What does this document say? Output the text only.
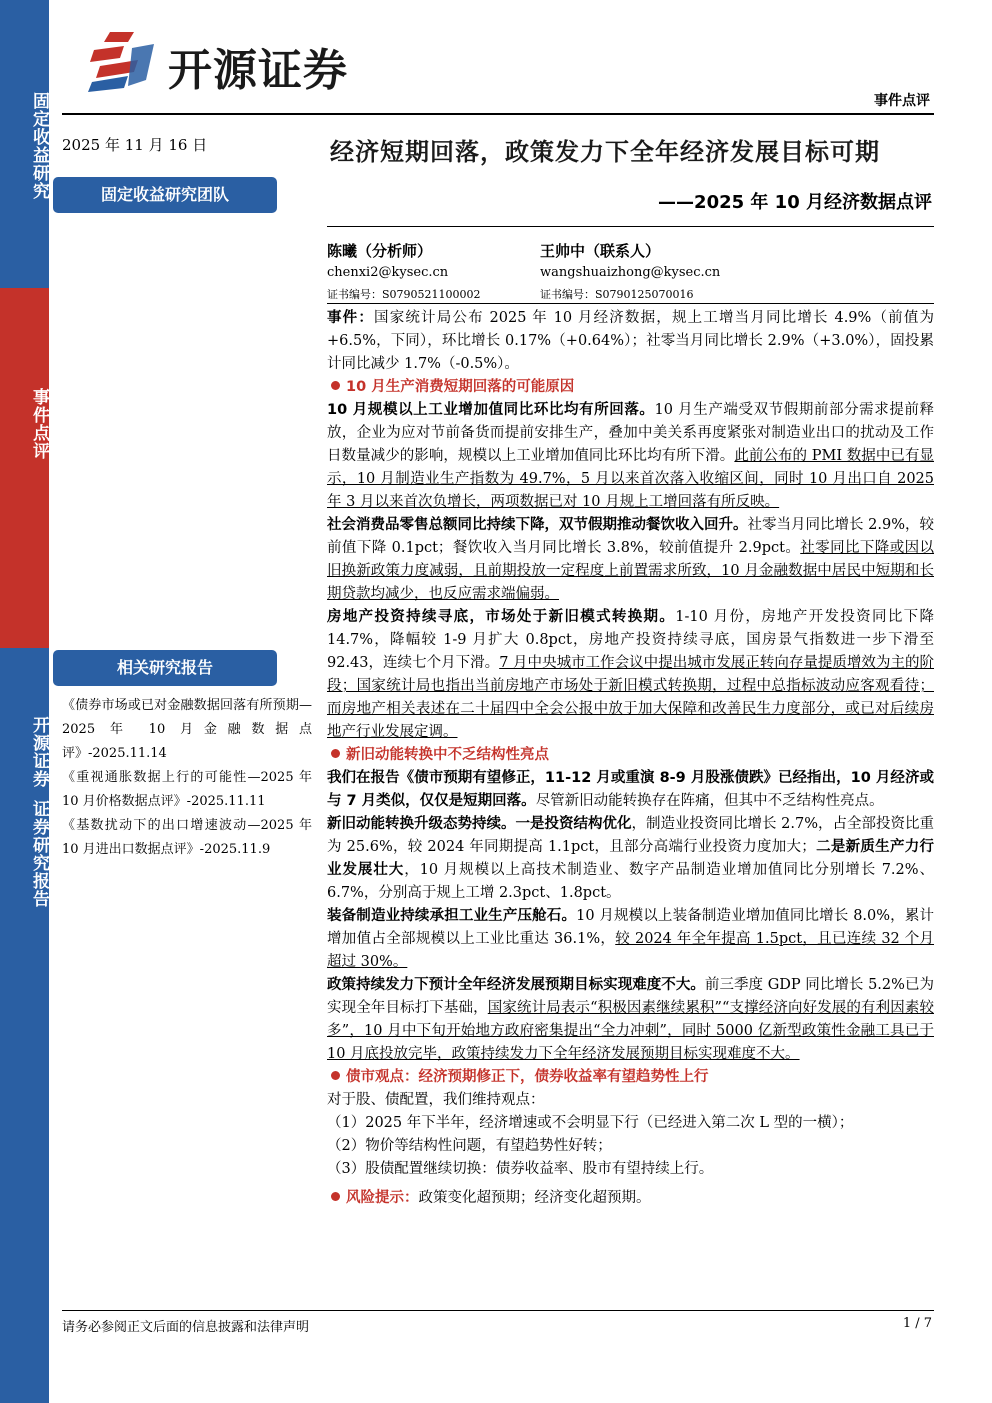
固定收益研究
事件点评
开源证券
证券研究报告
开源证券
事件点评
2025 年 11 月 16 日
固定收益研究团队
经济短期回落，政策发力下全年经济发展目标可期
——2025 年 10 月经济数据点评
陈曦（分析师）
chenxi2@kysec.cn
证书编号：S0790521100002
王帅中（联系人）
wangshuaizhong@kysec.cn
证书编号：S0790125070016
相关研究报告
《债券市场或已对金融数据回落有所预期—2025 年 10 月金融数据点评》-2025.11.14
《重视通胀数据上行的可能性—2025 年 10 月价格数据点评》-2025.11.11
《基数扰动下的出口增速波动—2025 年 10 月进出口数据点评》-2025.11.9

事件：国家统计局公布 2025 年 10 月经济数据，规上工增当月同比增长 4.9%（前值为+6.5%，下同），环比增长 0.17%（+0.64%）；社零当月同比增长 2.9%（+3.0%），固投累计同比减少 1.7%（-0.5%）。

10 月生产消费短期回落的可能原因

10 月规模以上工业增加值同比环比均有所回落。10 月生产端受双节假期前部分需求提前释放，企业为应对节前备货而提前安排生产，叠加中美关系再度紧张对制造业出口的扰动及工作日数量减少的影响，规模以上工业增加值同比环比均有所下滑。此前公布的 PMI 数据中已有显示，10 月制造业生产指数为 49.7%，5 月以来首次落入收缩区间，同时 10 月出口自 2025 年 3 月以来首次负增长，两项数据已对 10 月规上工增回落有所反映。

社会消费品零售总额同比持续下降，双节假期推动餐饮收入回升。社零当月同比增长 2.9%，较前值下降 0.1pct；餐饮收入当月同比增长 3.8%，较前值提升 2.9pct。社零同比下降或因以旧换新政策力度减弱，且前期投放一定程度上前置需求所致，10 月金融数据中居民中短期和长期贷款均减少，也反应需求端偏弱。

房地产投资持续寻底，市场处于新旧模式转换期。1-10 月份，房地产开发投资同比下降 14.7%，降幅较 1-9 月扩大 0.8pct，房地产投资持续寻底，国房景气指数进一步下滑至 92.43，连续七个月下滑。7 月中央城市工作会议中提出城市发展正转向存量提质增效为主的阶段；国家统计局也指出当前房地产市场处于新旧模式转换期，过程中总指标波动应客观看待；而房地产相关表述在二十届四中全会公报中放于加大保障和改善民生力度部分，或已对后续房地产行业发展定调。

新旧动能转换中不乏结构性亮点

我们在报告《债市预期有望修正，11-12 月或重演 8-9 月股涨债跌》已经指出，10 月经济或与 7 月类似，仅仅是短期回落。尽管新旧动能转换存在阵痛，但其中不乏结构性亮点。

新旧动能转换升级态势持续。一是投资结构优化，制造业投资同比增长 2.7%，占全部投资比重为 25.6%，较 2024 年同期提高 1.1pct，且部分高端行业投资力度加大；二是新质生产力行业发展壮大，10 月规模以上高技术制造业、数字产品制造业增加值同比分别增长 7.2%、6.7%，分别高于规上工增 2.3pct、1.8pct。

装备制造业持续承担工业生产压舱石。10 月规模以上装备制造业增加值同比增长 8.0%，累计增加值占全部规模以上工业比重达 36.1%，较 2024 年全年提高 1.5pct，且已连续 32 个月超过 30%。

政策持续发力下预计全年经济发展预期目标实现难度不大。前三季度 GDP 同比增长 5.2%已为实现全年目标打下基础，国家统计局表示“积极因素继续累积”“支撑经济向好发展的有利因素较多”，10 月中下旬开始地方政府密集提出“全力冲刺”，同时 5000 亿新型政策性金融工具已于 10 月底投放完毕，政策持续发力下全年经济发展预期目标实现难度不大。

债市观点：经济预期修正下，债券收益率有望趋势性上行

对于股、债配置，我们维持观点：

（1）2025 年下半年，经济增速或不会明显下行（已经进入第二次 L 型的一横）；

（2）物价等结构性问题，有望趋势性好转；

（3）股债配置继续切换：债券收益率、股市有望持续上行。

风险提示：政策变化超预期；经济变化超预期。

请务必参阅正文后面的信息披露和法律声明	1 / 7
